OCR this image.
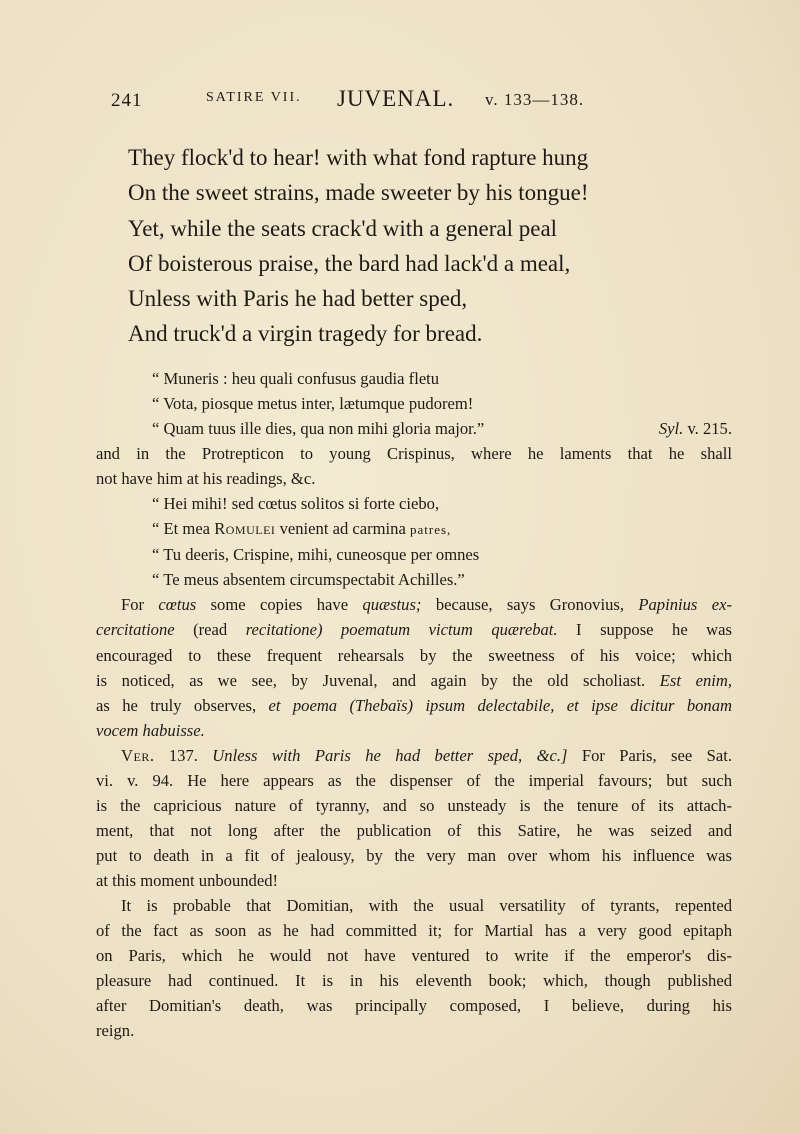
241	SATIRE VII. JUVENAL. v. 133—138.
They flock'd to hear! with what fond rapture hung
On the sweet strains, made sweeter by his tongue!
Yet, while the seats crack'd with a general peal
Of boisterous praise, the bard had lack'd a meal,
Unless with Paris he had better sped,
And truck'd a virgin tragedy for bread.
“ Muneris : heu quali confusus gaudia fletu
“ Vota, piosque metus inter, lætumque pudorem!
“ Quam tuus ille dies, qua non mihi gloria major.”	Syl. v. 215.
and in the Protrepticon to young Crispinus, where he laments that he shall
not have him at his readings, &c.
“ Hei mihi! sed cœtus solitos si forte ciebo,
“ Et mea Romulei venient ad carmina patres,
“ Tu deeris, Crispine, mihi, cuneosque per omnes
“ Te meus absentem circumspectabit Achilles.”
For cœtus some copies have quæstus; because, says Gronovius, Papinius ex-
cercitatione (read recitatione) poematum victum quærebat. I suppose he was
encouraged to these frequent rehearsals by the sweetness of his voice; which
is noticed, as we see, by Juvenal, and again by the old scholiast. Est enim,
as he truly observes, et poema (Thebaïs) ipsum delectabile, et ipse dicitur bonam
vocem habuisse.
Ver. 137. Unless with Paris he had better sped, &c.] For Paris, see Sat.
vi. v. 94. He here appears as the dispenser of the imperial favours; but such
is the capricious nature of tyranny, and so unsteady is the tenure of its attach-
ment, that not long after the publication of this Satire, he was seized and
put to death in a fit of jealousy, by the very man over whom his influence was
at this moment unbounded!
It is probable that Domitian, with the usual versatility of tyrants, repented
of the fact as soon as he had committed it; for Martial has a very good epitaph
on Paris, which he would not have ventured to write if the emperor's dis-
pleasure had continued. It is in his eleventh book; which, though published
after Domitian's death, was principally composed, I believe, during his
reign.
